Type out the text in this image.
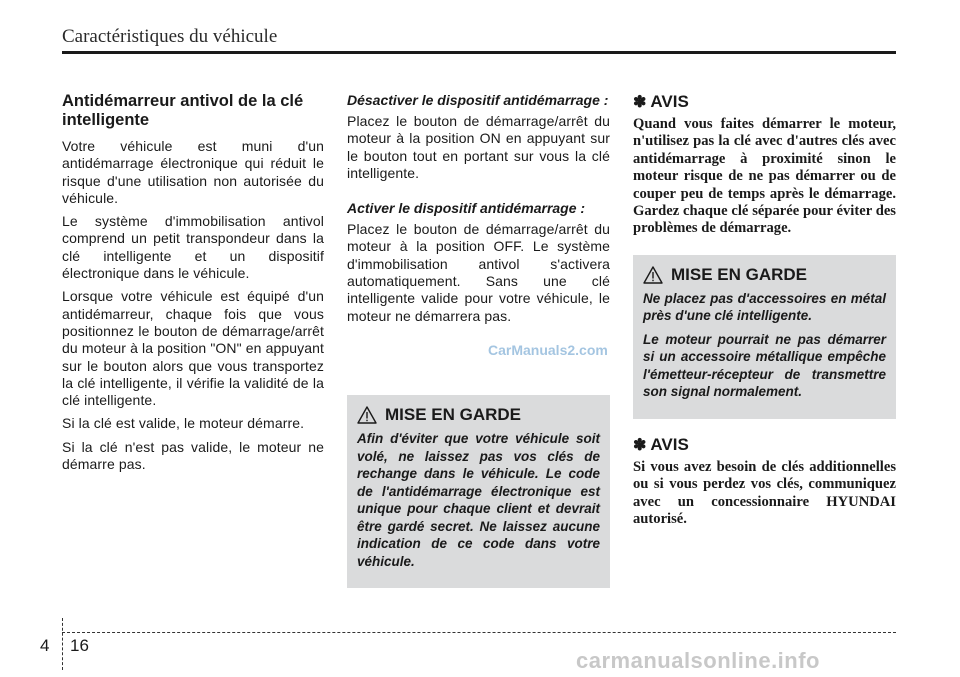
Caractéristiques du véhicule
Antidémarreur antivol de la clé intelligente

Votre véhicule est muni d'un antidémarrage électronique qui réduit le risque d'une utilisation non autorisée du véhicule.

Le système d'immobilisation antivol comprend un petit transpondeur dans la clé intelligente et un dispositif électronique dans le véhicule.

Lorsque votre véhicule est équipé d'un antidémarreur, chaque fois que vous positionnez le bouton de démarrage/arrêt du moteur à la position "ON" en appuyant sur le bouton alors que vous transportez la clé intelligente, il vérifie la validité de la clé intelligente.

Si la clé est valide, le moteur démarre.

Si la clé n'est pas valide, le moteur ne démarre pas.

Désactiver le dispositif antidémarrage :

Placez le bouton de démarrage/arrêt du moteur à la position ON en appuyant sur le bouton tout en portant sur vous la clé intelligente.

Activer le dispositif antidémarrage :

Placez le bouton de démarrage/arrêt du moteur à la position OFF. Le système d'immobilisation antivol s'activera automatiquement. Sans une clé intelligente valide pour votre véhicule, le moteur ne démarrera pas.

MISE EN GARDE

Afin d'éviter que votre véhicule soit volé, ne laissez pas vos clés de rechange dans le véhicule. Le code de l'antidémarrage électronique est unique pour chaque client et devrait être gardé secret. Ne laissez aucune indication de ce code dans votre véhicule.

✽ AVIS

Quand vous faites démarrer le moteur, n'utilisez pas la clé avec d'autres clés avec antidémarrage à proximité sinon le moteur risque de ne pas démarrer ou de couper peu de temps après le démarrage. Gardez chaque clé séparée pour éviter des problèmes de démarrage.

MISE EN GARDE

Ne placez pas d'accessoires en métal près d'une clé intelligente.

Le moteur pourrait ne pas démarrer si un accessoire métallique empêche l'émetteur-récepteur de transmettre son signal normalement.

✽ AVIS

Si vous avez besoin de clés additionnelles ou si vous perdez vos clés, communiquez avec un concessionnaire HYUNDAI autorisé.

CarManuals2.com
4 16
carmanualsonline.info
